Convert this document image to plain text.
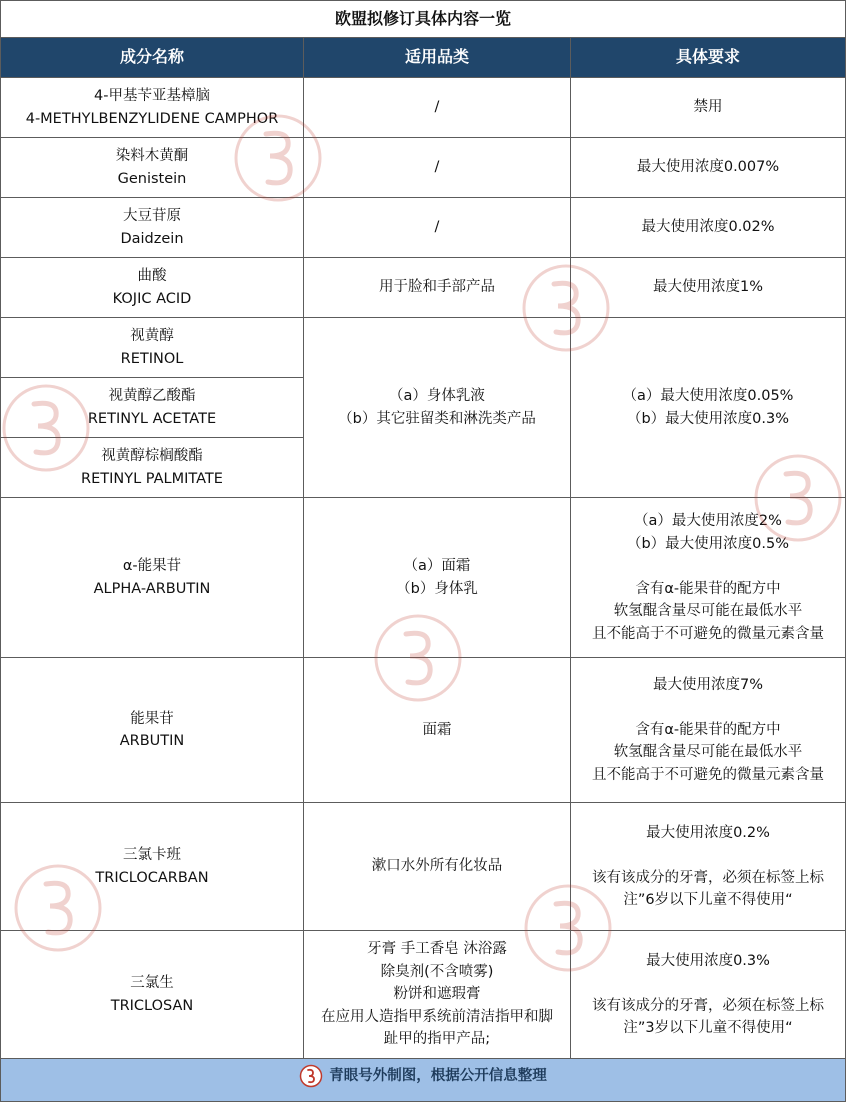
欧盟拟修订具体内容一览		
成分名称	适用品类	具体要求

4-甲基苄亚基樟脑
4-METHYLBENZYLIDENE CAMPHOR	/	禁用

染料木黄酮
Genistein	/	最大使用浓度0.007%

大豆苷原
Daidzein	/	最大使用浓度0.02%

曲酸
KOJIC ACID	用于脸和手部产品	最大使用浓度1%

视黄醇
RETINOL	（a）身体乳液
（b）其它驻留类和淋洗类产品	（a）最大使用浓度0.05%
（b）最大使用浓度0.3%

视黄醇乙酸酯
RETINYL ACETATE		

视黄醇棕榈酸酯
RETINYL PALMITATE		

α-能果苷
ALPHA-ARBUTIN	（a）面霜
（b）身体乳	（a）最大使用浓度2%
（b）最大使用浓度0.5%
含有α-能果苷的配方中
软氢醌含量尽可能在最低水平
且不能高于不可避免的微量元素含量

能果苷
ARBUTIN	面霜	最大使用浓度7%
含有α-能果苷的配方中
软氢醌含量尽可能在最低水平
且不能高于不可避免的微量元素含量

三氯卡班
TRICLOCARBAN	漱口水外所有化妆品	最大使用浓度0.2%
该有该成分的牙膏，必须在标签上标
注”6岁以下儿童不得使用“

三氯生
TRICLOSAN	牙膏 手工香皂 沐浴露
除臭剂(不含喷雾)
粉饼和遮瑕膏
在应用人造指甲系统前清洁指甲和脚
趾甲的指甲产品;	最大使用浓度0.3%
该有该成分的牙膏，必须在标签上标
注”3岁以下儿童不得使用“

青眼号外制图，根据公开信息整理		
